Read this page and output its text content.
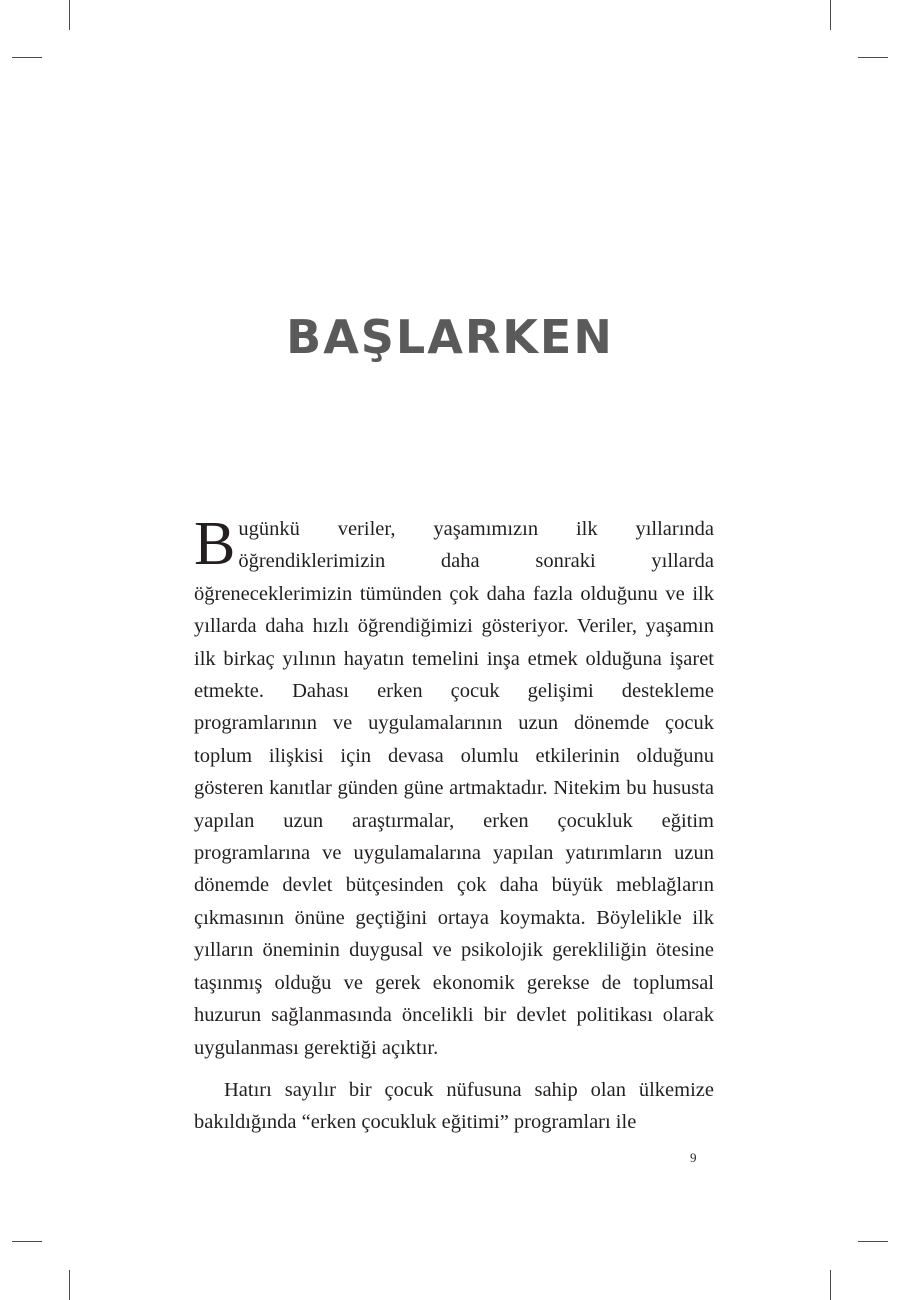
BAŞLARKEN

Bugünkü veriler, yaşamımızın ilk yıllarında öğrendiklerimizin daha sonraki yıllarda öğreneceklerimizin tümünden çok daha fazla olduğunu ve ilk yıllarda daha hızlı öğrendiğimizi gösteriyor. Veriler, yaşamın ilk birkaç yılının hayatın temelini inşa etmek olduğuna işaret etmekte. Dahası erken çocuk gelişimi destekleme programlarının ve uygulamalarının uzun dönemde çocuk toplum ilişkisi için devasa olumlu etkilerinin olduğunu gösteren kanıtlar günden güne artmaktadır. Nitekim bu hususta yapılan uzun araştırmalar, erken çocukluk eğitim programlarına ve uygulamalarına yapılan yatırımların uzun dönemde devlet bütçesinden çok daha büyük meblağların çıkmasının önüne geçtiğini ortaya koymakta. Böylelikle ilk yılların öneminin duygusal ve psikolojik gerekliliğin ötesine taşınmış olduğu ve gerek ekonomik gerekse de toplumsal huzurun sağlanmasında öncelikli bir devlet politikası olarak uygulanması gerektiği açıktır.

Hatırı sayılır bir çocuk nüfusuna sahip olan ülkemize bakıldığında “erken çocukluk eğitimi” programları ile

9
